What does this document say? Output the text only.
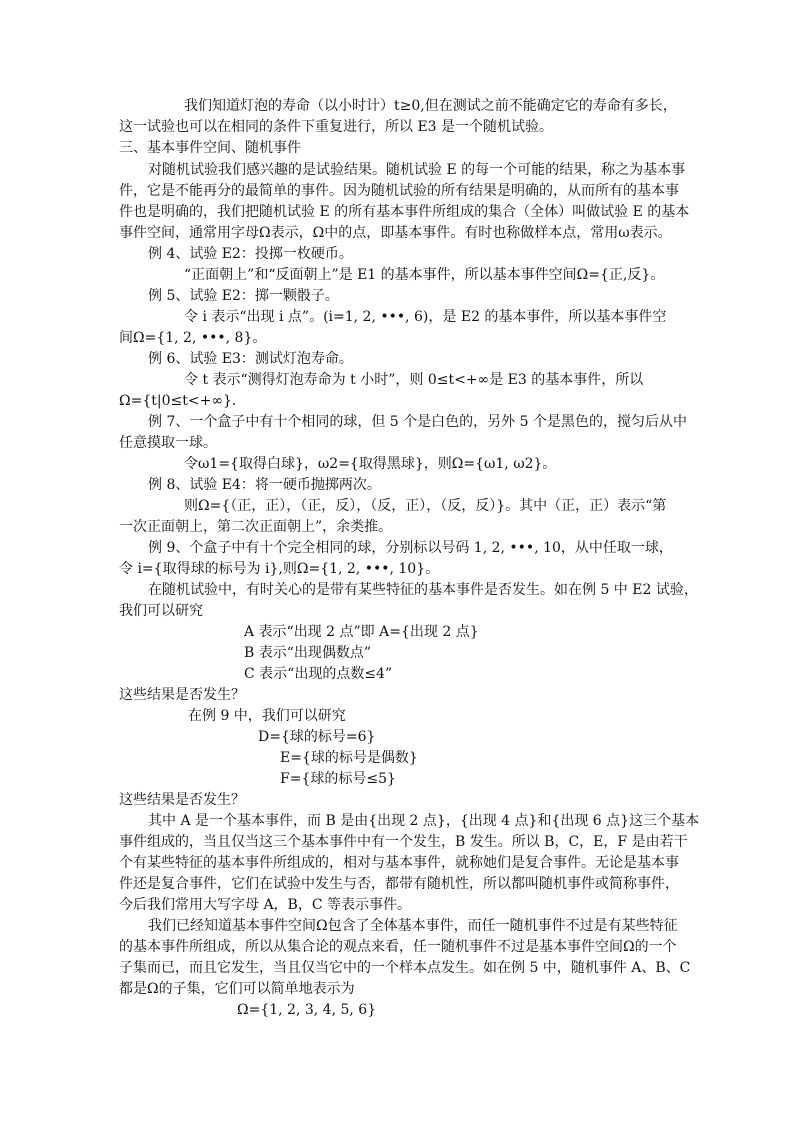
我们知道灯泡的寿命（以小时计）t≥0,但在测试之前不能确定它的寿命有多长，
这一试验也可以在相同的条件下重复进行，所以 E3 是一个随机试验。
三、基本事件空间、随机事件
对随机试验我们感兴趣的是试验结果。随机试验 E 的每一个可能的结果，称之为基本事
件，它是不能再分的最简单的事件。因为随机试验的所有结果是明确的，从而所有的基本事
件也是明确的，我们把随机试验 E 的所有基本事件所组成的集合（全体）叫做试验 E 的基本
事件空间，通常用字母Ω表示，Ω中的点，即基本事件。有时也称做样本点，常用ω表示。
例 4、试验 E2：投掷一枚硬币。
“正面朝上”和“反面朝上”是 E1 的基本事件，所以基本事件空间Ω={正,反}。
例 5、试验 E2：掷一颗骰子。
令 i 表示“出现 i 点”。(i=1, 2, •••, 6)，是 E2 的基本事件，所以基本事件空
间Ω={1, 2, •••, 8}。
例 6、试验 E3：测试灯泡寿命。
令 t 表示“测得灯泡寿命为 t 小时”，则 0≤t<+∞是 E3 的基本事件，所以
Ω={t|0≤t<+∞}.
例 7、一个盒子中有十个相同的球，但 5 个是白色的，另外 5 个是黑色的，搅匀后从中
任意摸取一球。
令ω1={取得白球}，ω2={取得黑球}，则Ω={ω1, ω2}。
例 8、试验 E4：将一硬币抛掷两次。
则Ω={（正，正），（正，反），（反，正），（反，反）}。其中（正，正）表示“第
一次正面朝上，第二次正面朝上”，余类推。
例 9、个盒子中有十个完全相同的球，分别标以号码 1, 2, •••, 10，从中任取一球，
令 i={取得球的标号为 i},则Ω={1, 2, •••, 10}。
在随机试验中，有时关心的是带有某些特征的基本事件是否发生。如在例 5 中 E2 试验，
我们可以研究
A 表示“出现 2 点”即 A={出现 2 点}
B 表示“出现偶数点”
C 表示“出现的点数≤4”
这些结果是否发生？
在例 9 中，我们可以研究
D={球的标号=6}
E={球的标号是偶数}
F={球的标号≤5}
这些结果是否发生？
其中 A 是一个基本事件，而 B 是由{出现 2 点}，{出现 4 点}和{出现 6 点}这三个基本
事件组成的，当且仅当这三个基本事件中有一个发生，B 发生。所以 B，C，E，F 是由若干
个有某些特征的基本事件所组成的，相对与基本事件，就称她们是复合事件。无论是基本事
件还是复合事件，它们在试验中发生与否，都带有随机性，所以都叫随机事件或简称事件，
今后我们常用大写字母 A，B，C 等表示事件。
我们已经知道基本事件空间Ω包含了全体基本事件，而任一随机事件不过是有某些特征
的基本事件所组成，所以从集合论的观点来看，任一随机事件不过是基本事件空间Ω的一个
子集而已，而且它发生，当且仅当它中的一个样本点发生。如在例 5 中，随机事件 A、B、C
都是Ω的子集，它们可以简单地表示为
Ω={1, 2, 3, 4, 5, 6}
